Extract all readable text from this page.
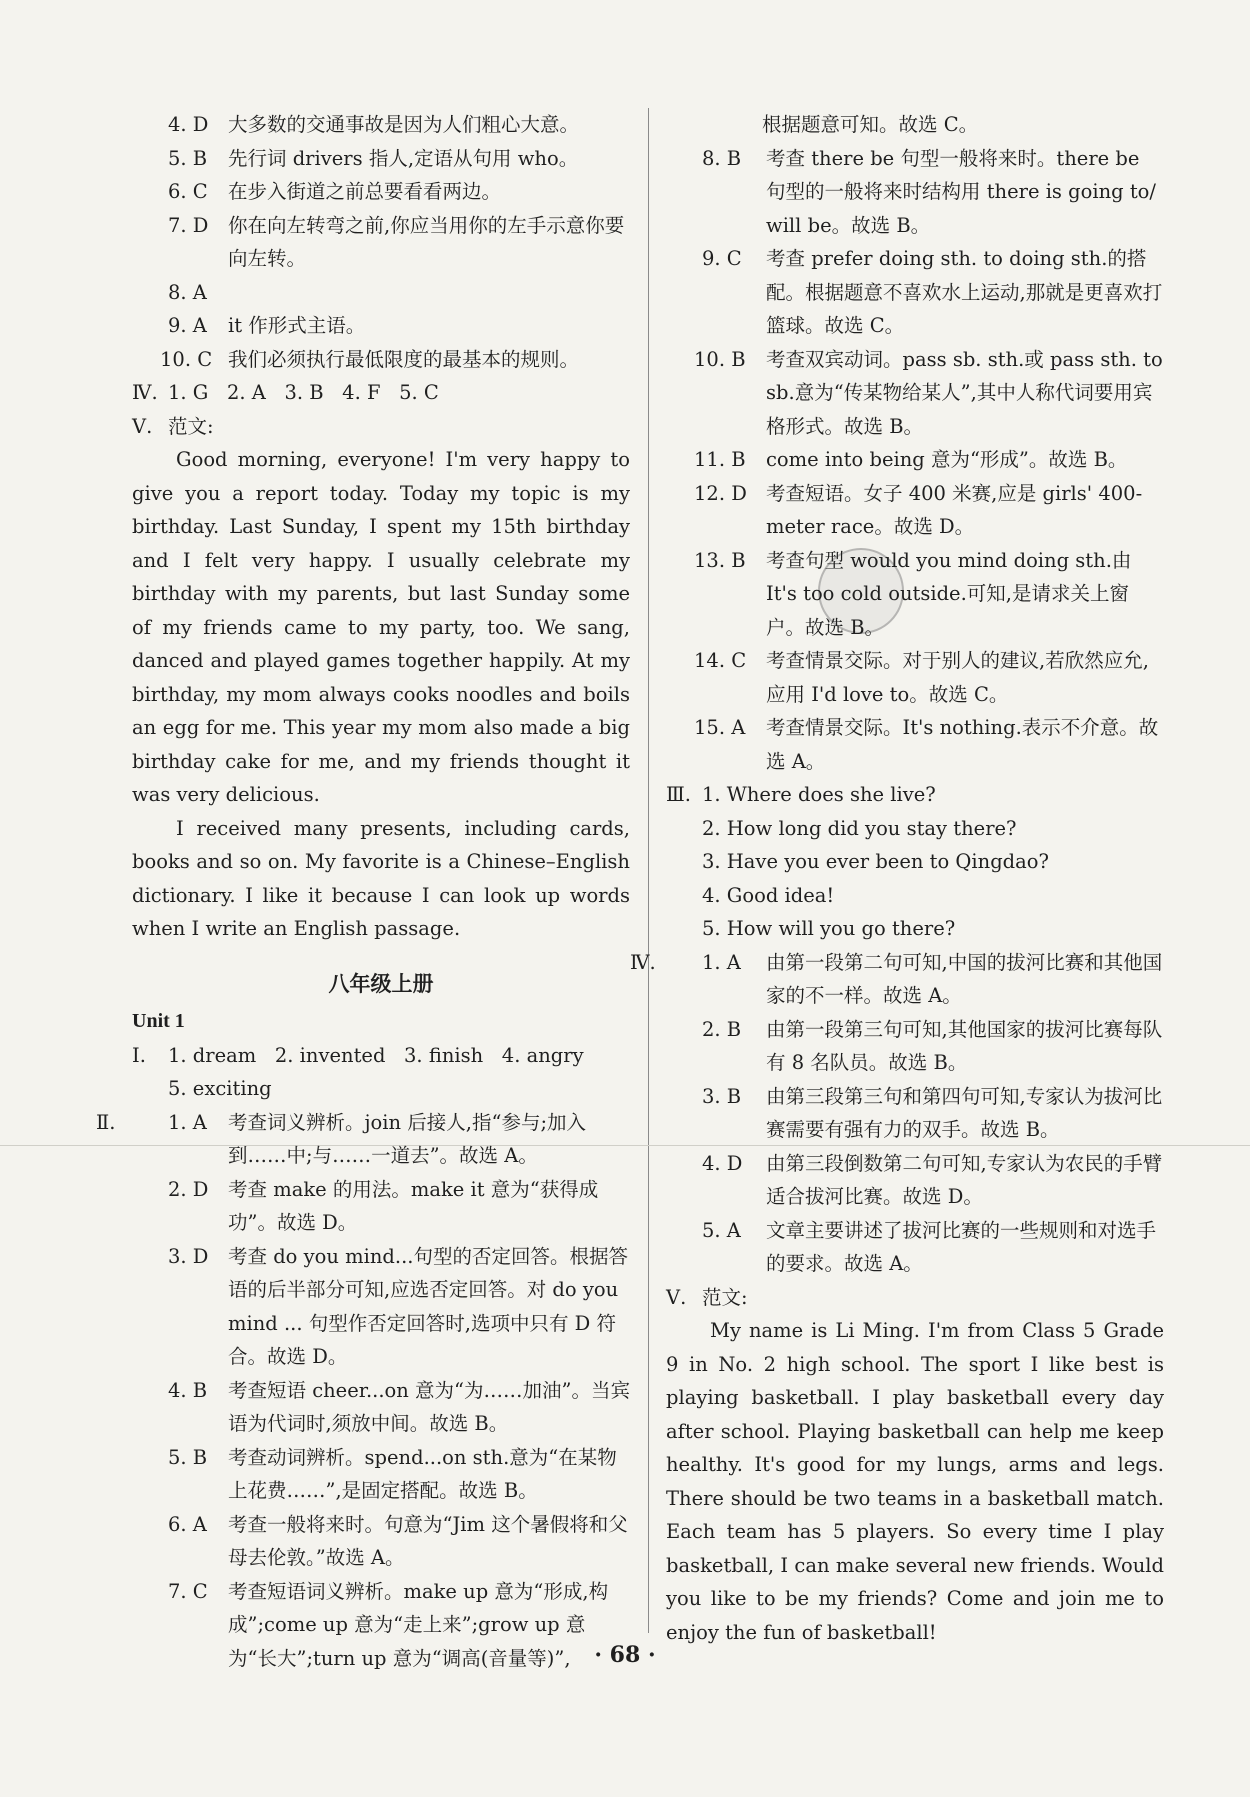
4. D	大多数的交通事故是因为人们粗心大意。
5. B	先行词 drivers 指人,定语从句用 who。
6. C	在步入街道之前总要看看两边。
7. D	你在向左转弯之前,你应当用你的左手示意你要向左转。
8. A
9. A	it 作形式主语。
10. C 我们必须执行最低限度的最基本的规则。
Ⅳ. 1. G   2. A   3. B   4. F   5. C
Ⅴ. 范文:
Good morning, everyone! I'm very happy to give you a report today. Today my topic is my birthday. Last Sunday, I spent my 15th birthday and I felt very happy. I usually celebrate my birthday with my parents, but last Sunday some of my friends came to my party, too. We sang, danced and played games together happily. At my birthday, my mom always cooks noodles and boils an egg for me. This year my mom also made a big birthday cake for me, and my friends thought it was very delicious.
I received many presents, including cards, books and so on. My favorite is a Chinese–English dictionary. I like it because I can look up words when I write an English passage.
八年级上册
Unit 1
Ⅰ.	1. dream   2. invented   3. finish   4. angry
5. exciting
Ⅱ.	1. A	考查词义辨析。join 后接人,指“参与;加入到……中;与……一道去”。故选 A。
2. D	考查 make 的用法。make it 意为“获得成功”。故选 D。
3. D	考查 do you mind...句型的否定回答。根据答语的后半部分可知,应选否定回答。对 do you mind ... 句型作否定回答时,选项中只有 D 符合。故选 D。
4. B	考查短语 cheer...on 意为“为……加油”。当宾语为代词时,须放中间。故选 B。
5. B	考查动词辨析。spend...on sth.意为“在某物上花费……”,是固定搭配。故选 B。
6. A	考查一般将来时。句意为“Jim 这个暑假将和父母去伦敦。”故选 A。
7. C	考查短语词义辨析。make up 意为“形成,构成”;come up 意为“走上来”;grow up 意为“长大”;turn up 意为“调高(音量等)”,
根据题意可知。故选 C。
8. B	考查 there be 句型一般将来时。there be 句型的一般将来时结构用 there is going to/ will be。故选 B。
9. C	考查 prefer doing sth. to doing sth.的搭配。根据题意不喜欢水上运动,那就是更喜欢打篮球。故选 C。
10. B	考查双宾动词。pass sb. sth.或 pass sth. to sb.意为“传某物给某人”,其中人称代词要用宾格形式。故选 B。
11. B	come into being 意为“形成”。故选 B。
12. D 考查短语。女子 400 米赛,应是 girls' 400-meter race。故选 D。
13. B	考查句型 would you mind doing sth.由 It's too cold outside.可知,是请求关上窗户。故选 B。
14. C	考查情景交际。对于别人的建议,若欣然应允,应用 I'd love to。故选 C。
15. A	考查情景交际。It's nothing.表示不介意。故选 A。
Ⅲ. 1. Where does she live?
2. How long did you stay there?
3. Have you ever been to Qingdao?
4. Good idea!
5. How will you go there?
Ⅳ.	1. A	由第一段第二句可知,中国的拔河比赛和其他国家的不一样。故选 A。
2. B	由第一段第三句可知,其他国家的拔河比赛每队有 8 名队员。故选 B。
3. B	由第三段第三句和第四句可知,专家认为拔河比赛需要有强有力的双手。故选 B。
4. D	由第三段倒数第二句可知,专家认为农民的手臂适合拔河比赛。故选 D。
5. A	文章主要讲述了拔河比赛的一些规则和对选手的要求。故选 A。
Ⅴ. 范文:
My name is Li Ming. I'm from Class 5 Grade 9 in No. 2 high school. The sport I like best is playing basketball. I play basketball every day after school. Playing basketball can help me keep healthy. It's good for my lungs, arms and legs. There should be two teams in a basketball match. Each team has 5 players. So every time I play basketball, I can make several new friends. Would you like to be my friends? Come and join me to enjoy the fun of basketball!
· 68 ·
